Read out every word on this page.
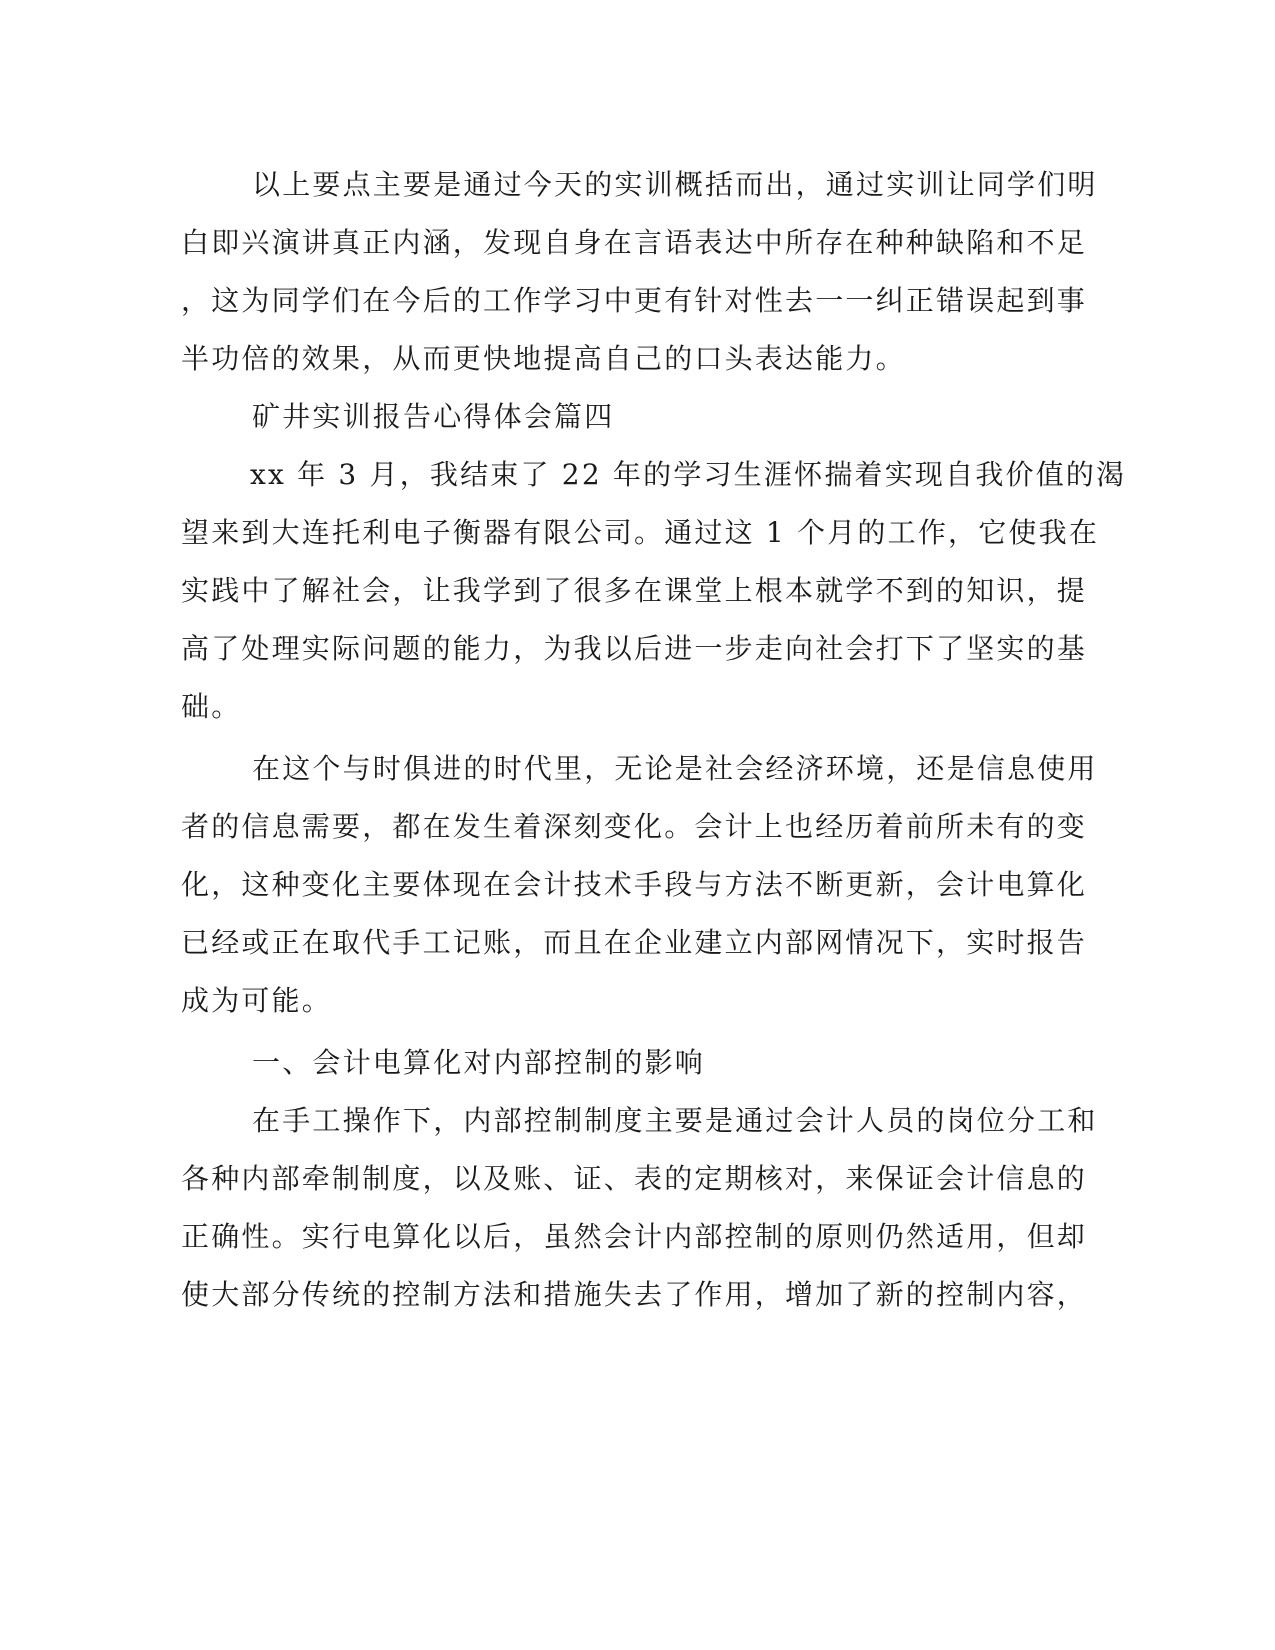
以上要点主要是通过今天的实训概括而出，通过实训让同学们明
白即兴演讲真正内涵，发现自身在言语表达中所存在种种缺陷和不足
，这为同学们在今后的工作学习中更有针对性去一一纠正错误起到事
半功倍的效果，从而更快地提高自己的口头表达能力。
矿井实训报告心得体会篇四
xx 年 3 月，我结束了 22 年的学习生涯怀揣着实现自我价值的渴
望来到大连托利电子衡器有限公司。通过这 1 个月的工作，它使我在
实践中了解社会，让我学到了很多在课堂上根本就学不到的知识，提
高了处理实际问题的能力，为我以后进一步走向社会打下了坚实的基
础。
在这个与时俱进的时代里，无论是社会经济环境，还是信息使用
者的信息需要，都在发生着深刻变化。会计上也经历着前所未有的变
化，这种变化主要体现在会计技术手段与方法不断更新，会计电算化
已经或正在取代手工记账，而且在企业建立内部网情况下，实时报告
成为可能。
一、会计电算化对内部控制的影响
在手工操作下，内部控制制度主要是通过会计人员的岗位分工和
各种内部牵制制度，以及账、证、表的定期核对，来保证会计信息的
正确性。实行电算化以后，虽然会计内部控制的原则仍然适用，但却
使大部分传统的控制方法和措施失去了作用，增加了新的控制内容，
